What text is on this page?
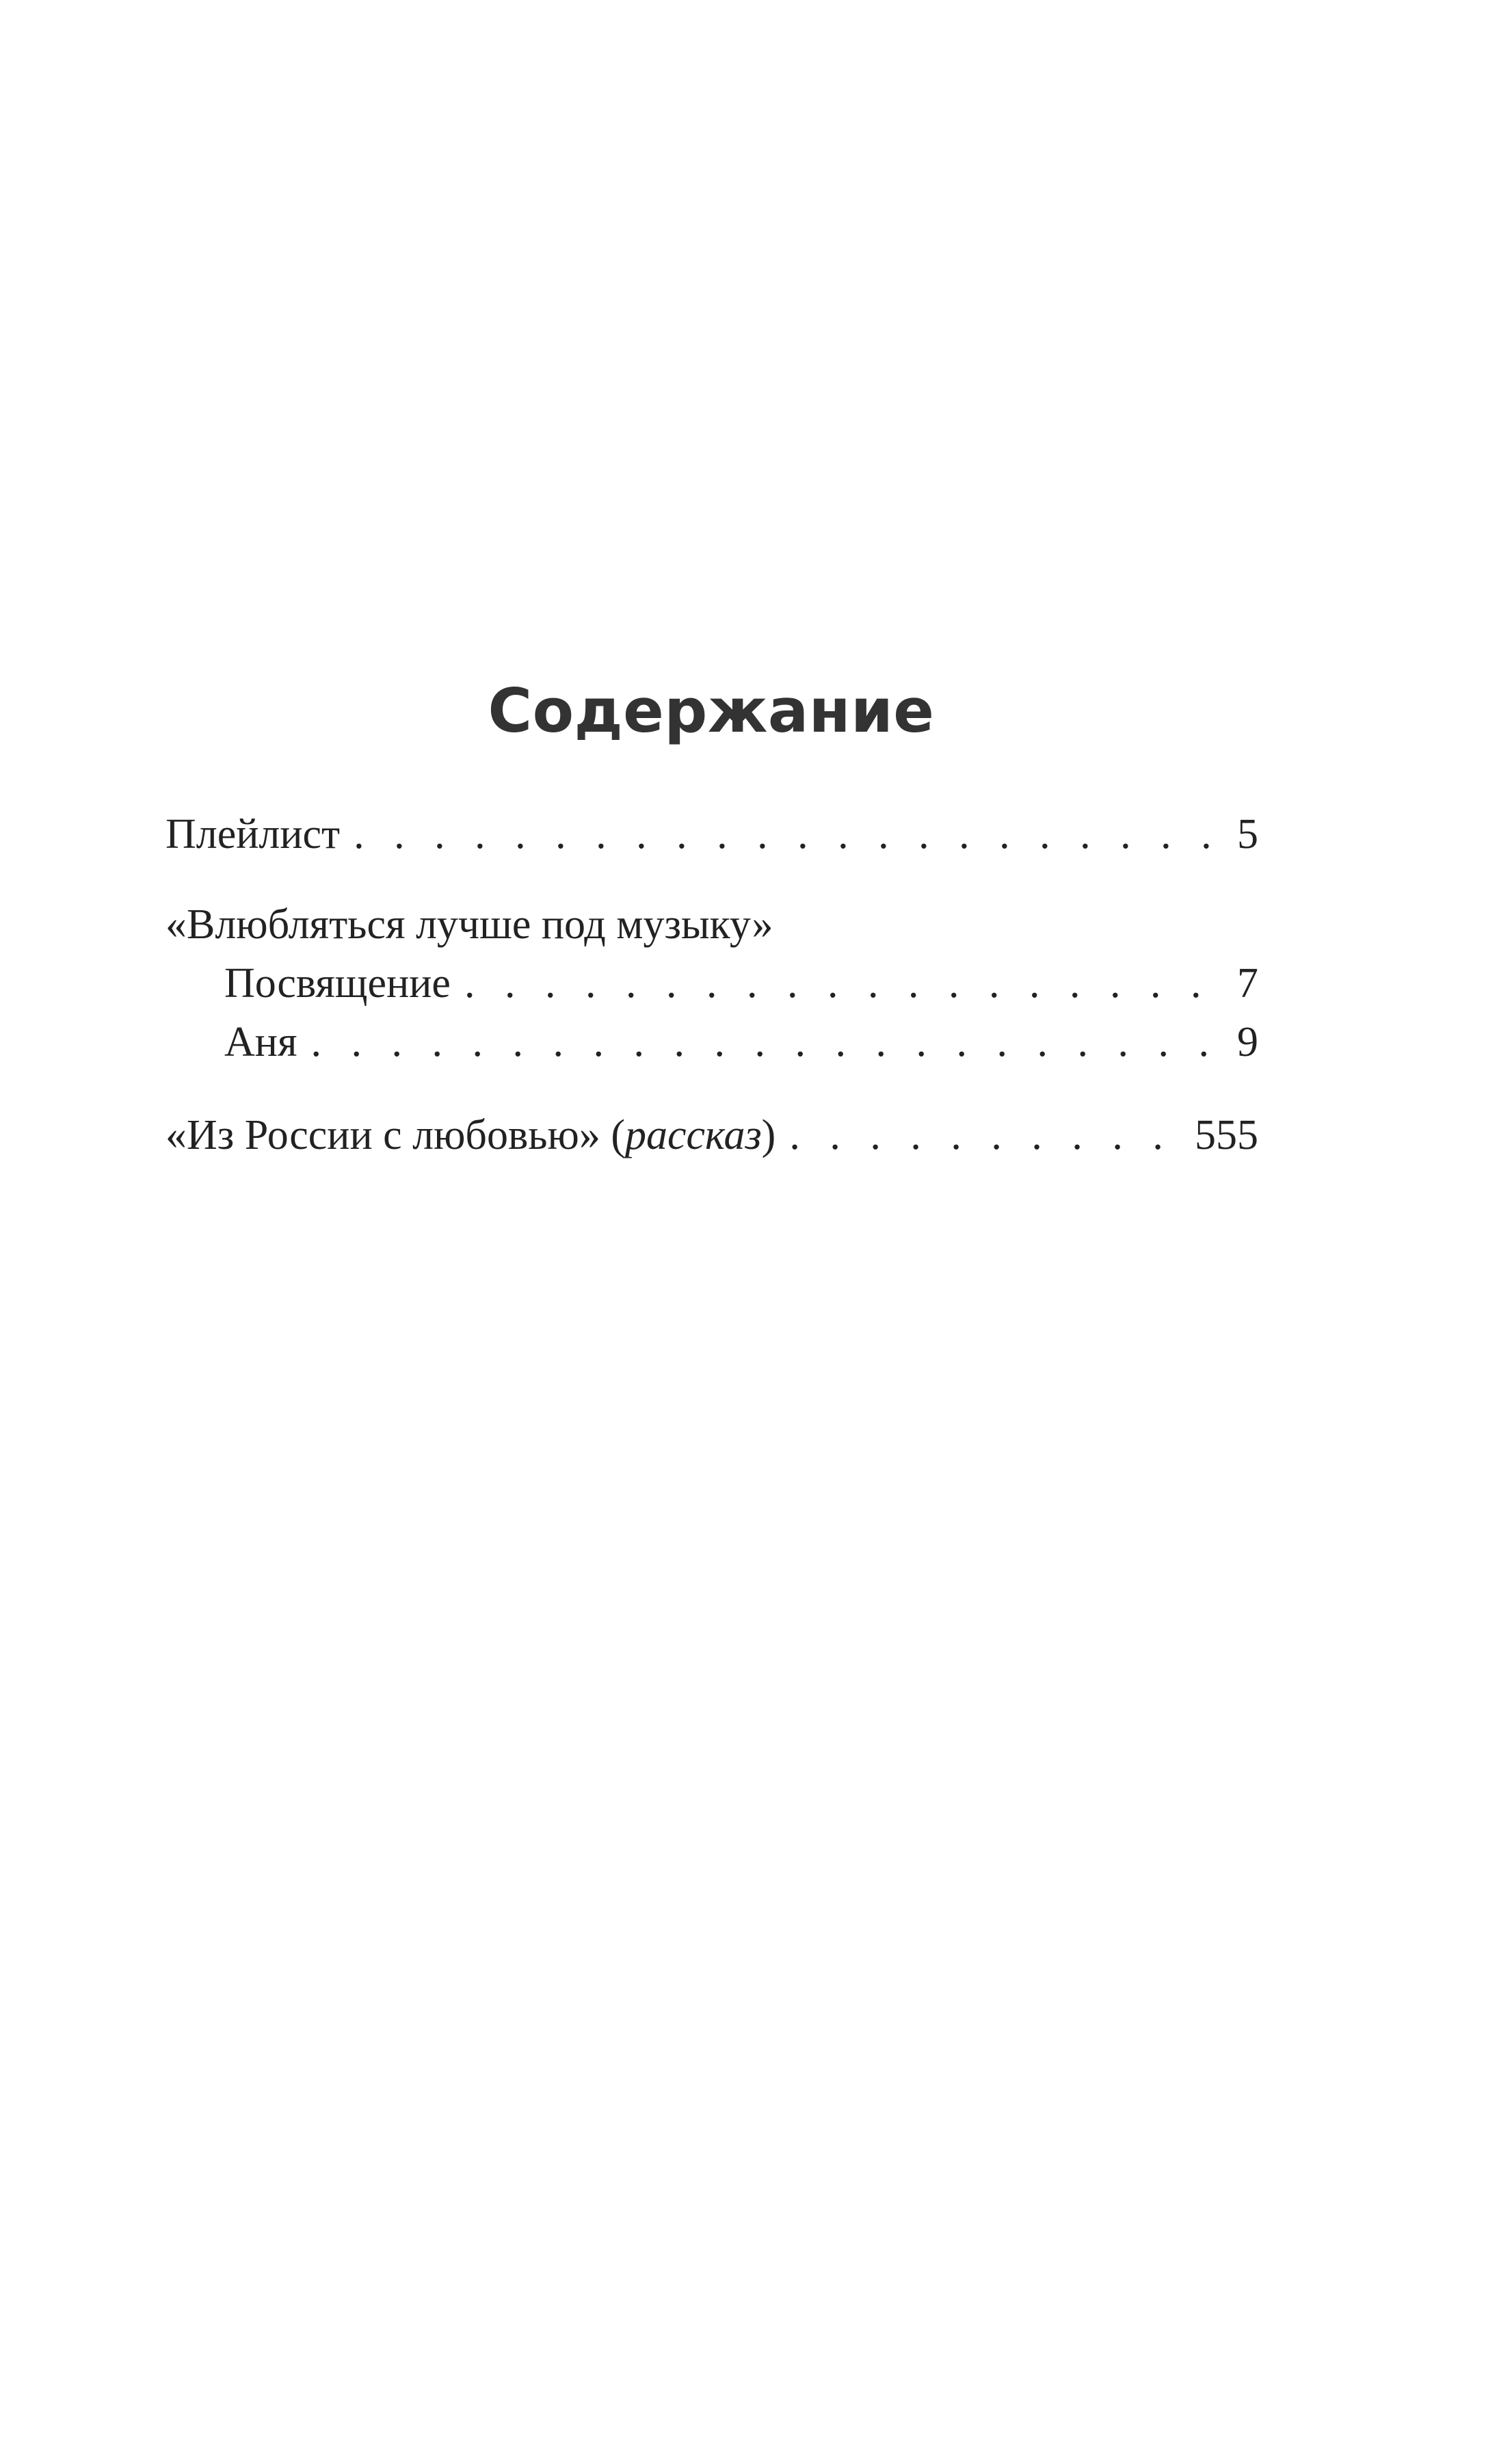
Содержание
Плейлист . . .	5
«Влюбляться лучше под музыку»
Посвящение . . .	7
Аня . . .	9
«Из России с любовью» (рассказ) . . .	555
